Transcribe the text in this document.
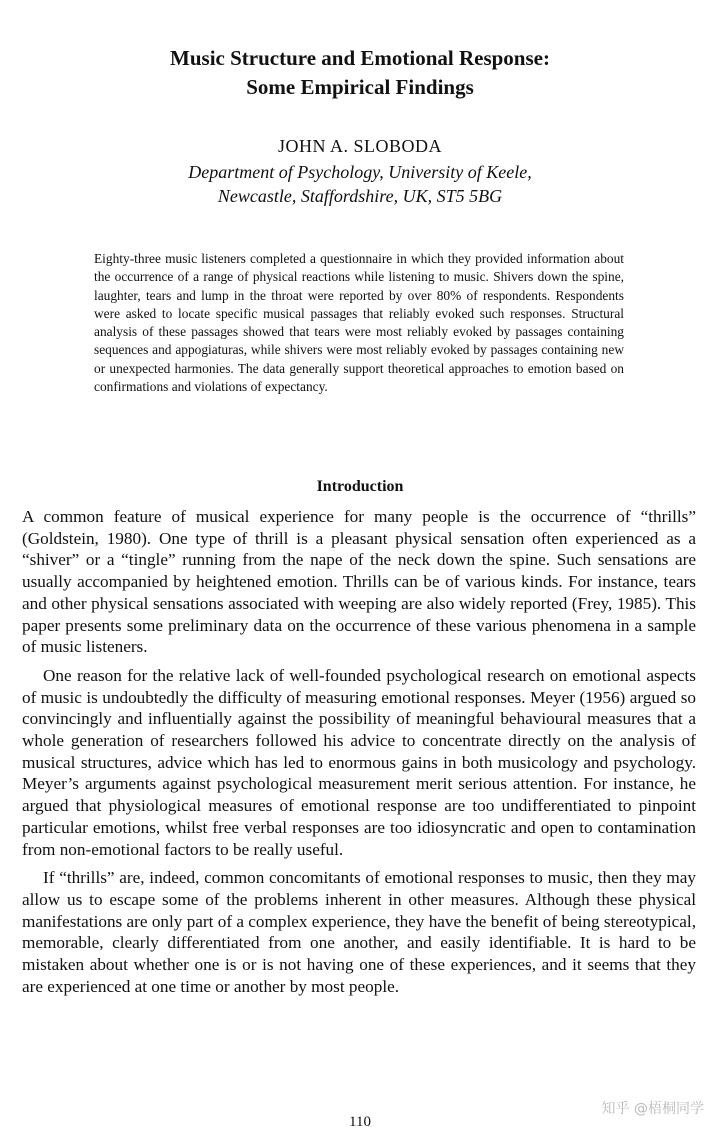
Music Structure and Emotional Response:
Some Empirical Findings
JOHN A. SLOBODA
Department of Psychology, University of Keele,
Newcastle, Staffordshire, UK, ST5 5BG
Eighty-three music listeners completed a questionnaire in which they provided information about the occurrence of a range of physical reactions while listening to music. Shivers down the spine, laughter, tears and lump in the throat were reported by over 80% of respondents. Respondents were asked to locate specific musical passages that reliably evoked such responses. Structural analysis of these passages showed that tears were most reliably evoked by passages containing sequences and appogiaturas, while shivers were most reliably evoked by passages containing new or unexpected harmonies. The data generally support theoretical approaches to emotion based on confirmations and violations of expectancy.
Introduction

A common feature of musical experience for many people is the occurrence of “thrills” (Goldstein, 1980). One type of thrill is a pleasant physical sensation often experienced as a “shiver” or a “tingle” running from the nape of the neck down the spine. Such sensations are usually accompanied by heightened emotion. Thrills can be of various kinds. For instance, tears and other physical sensations associated with weeping are also widely reported (Frey, 1985). This paper presents some preliminary data on the occurrence of these various phenomena in a sample of music listeners.

One reason for the relative lack of well-founded psychological research on emotional aspects of music is undoubtedly the difficulty of measuring emotional responses. Meyer (1956) argued so convincingly and influentially against the possibility of meaningful behavioural measures that a whole generation of researchers followed his advice to concentrate directly on the analysis of musical structures, advice which has led to enormous gains in both musicology and psychology. Meyer’s arguments against psychological measurement merit serious attention. For instance, he argued that physiological measures of emotional response are too undifferentiated to pinpoint particular emotions, whilst free verbal responses are too idiosyncratic and open to contamination from non-emotional factors to be really useful.

If “thrills” are, indeed, common concomitants of emotional responses to music, then they may allow us to escape some of the problems inherent in other measures. Although these physical manifestations are only part of a complex experience, they have the benefit of being stereotypical, memorable, clearly differentiated from one another, and easily identifiable. It is hard to be mistaken about whether one is or is not having one of these experiences, and it seems that they are experienced at one time or another by most people.

110
知乎 @梧桐同学
